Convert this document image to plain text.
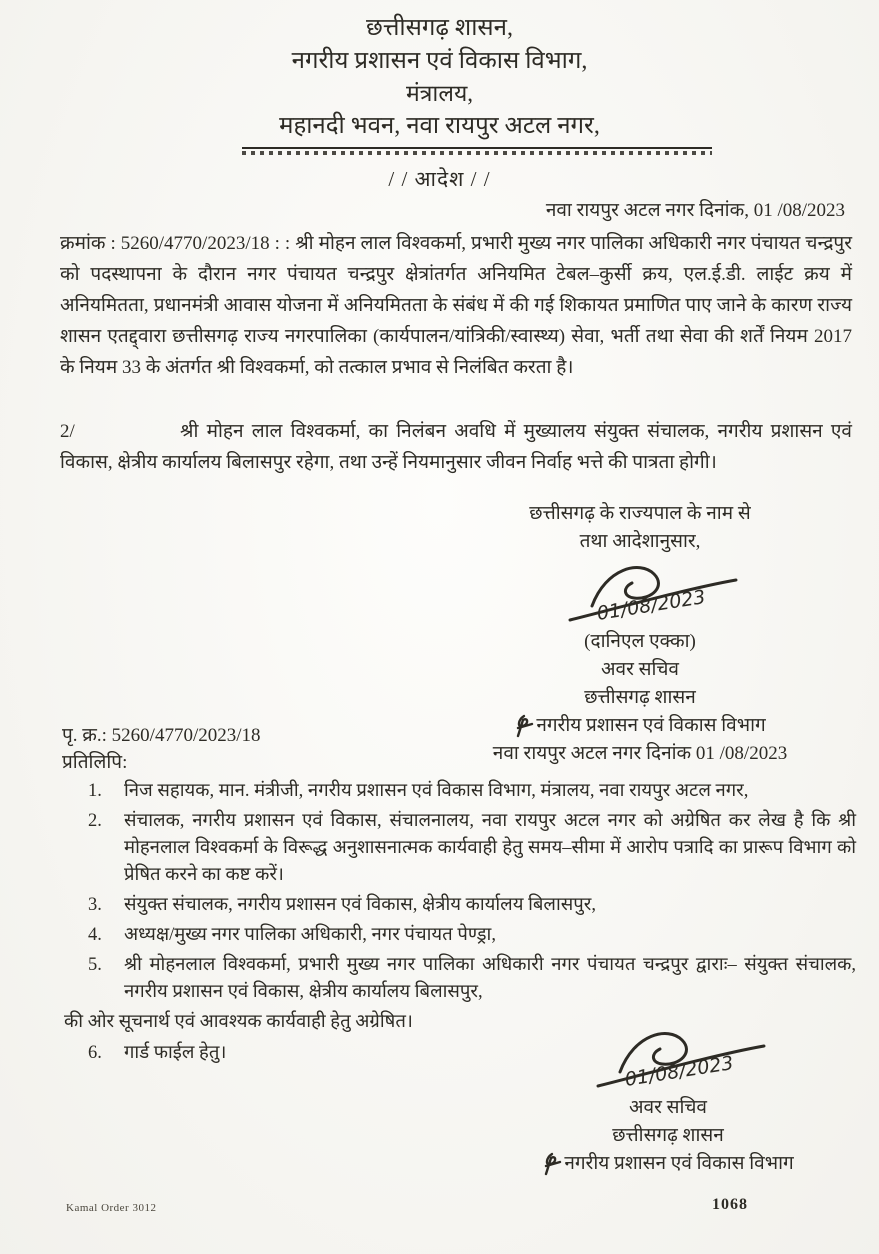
छत्तीसगढ़ शासन,
नगरीय प्रशासन एवं विकास विभाग,
मंत्रालय,
महानदी भवन, नवा रायपुर अटल नगर,
/ / आदेश / /
नवा रायपुर अटल नगर दिनांक, 01 /08/2023

क्रमांक : 5260/4770/2023/18 : : श्री मोहन लाल विश्वकर्मा, प्रभारी मुख्य नगर पालिका अधिकारी नगर पंचायत चन्द्रपुर को पदस्थापना के दौरान नगर पंचायत चन्द्रपुर क्षेत्रांतर्गत अनियमित टेबल–कुर्सी क्रय, एल.ई.डी. लाईट क्रय में अनियमितता, प्रधानमंत्री आवास योजना में अनियमितता के संबंध में की गई शिकायत प्रमाणित पाए जाने के कारण राज्य शासन एतद्द्वारा छत्तीसगढ़ राज्य नगरपालिका (कार्यपालन/यांत्रिकी/स्वास्थ्य) सेवा, भर्ती तथा सेवा की शर्तें नियम 2017 के नियम 33 के अंतर्गत श्री विश्वकर्मा, को तत्काल प्रभाव से निलंबित करता है।

2/	श्री मोहन लाल विश्वकर्मा, का निलंबन अवधि में मुख्यालय संयुक्त संचालक, नगरीय प्रशासन एवं विकास, क्षेत्रीय कार्यालय बिलासपुर रहेगा, तथा उन्हें नियमानुसार जीवन निर्वाह भत्ते की पात्रता होगी।

छत्तीसगढ़ के राज्यपाल के नाम से
तथा आदेशानुसार,
01/08/2023
(दानिएल एक्का)
अवर सचिव
छत्तीसगढ़ शासन
नगरीय प्रशासन एवं विकास विभाग
नवा रायपुर अटल नगर दिनांक 01 /08/2023
पृ. क्र.: 5260/4770/2023/18
प्रतिलिपि:
1.	निज सहायक, मान. मंत्रीजी, नगरीय प्रशासन एवं विकास विभाग, मंत्रालय, नवा रायपुर अटल नगर,
2.	संचालक, नगरीय प्रशासन एवं विकास, संचालनालय, नवा रायपुर अटल नगर को अग्रेषित कर लेख है कि श्री मोहनलाल विश्वकर्मा के विरूद्ध अनुशासनात्मक कार्यवाही हेतु समय–सीमा में आरोप पत्रादि का प्रारूप विभाग को प्रेषित करने का कष्ट करें।
3.	संयुक्त संचालक, नगरीय प्रशासन एवं विकास, क्षेत्रीय कार्यालय बिलासपुर,
4.	अध्यक्ष/मुख्य नगर पालिका अधिकारी, नगर पंचायत पेण्ड्रा,
5.	श्री मोहनलाल विश्वकर्मा, प्रभारी मुख्य नगर पालिका अधिकारी नगर पंचायत चन्द्रपुर द्वाराः– संयुक्त संचालक, नगरीय प्रशासन एवं विकास, क्षेत्रीय कार्यालय बिलासपुर,
की ओर सूचनार्थ एवं आवश्यक कार्यवाही हेतु अग्रेषित।
6.	गार्ड फाईल हेतु।	01/08/2023
अवर सचिव
छत्तीसगढ़ शासन
नगरीय प्रशासन एवं विकास विभाग
Kamal Order 3012	1068
